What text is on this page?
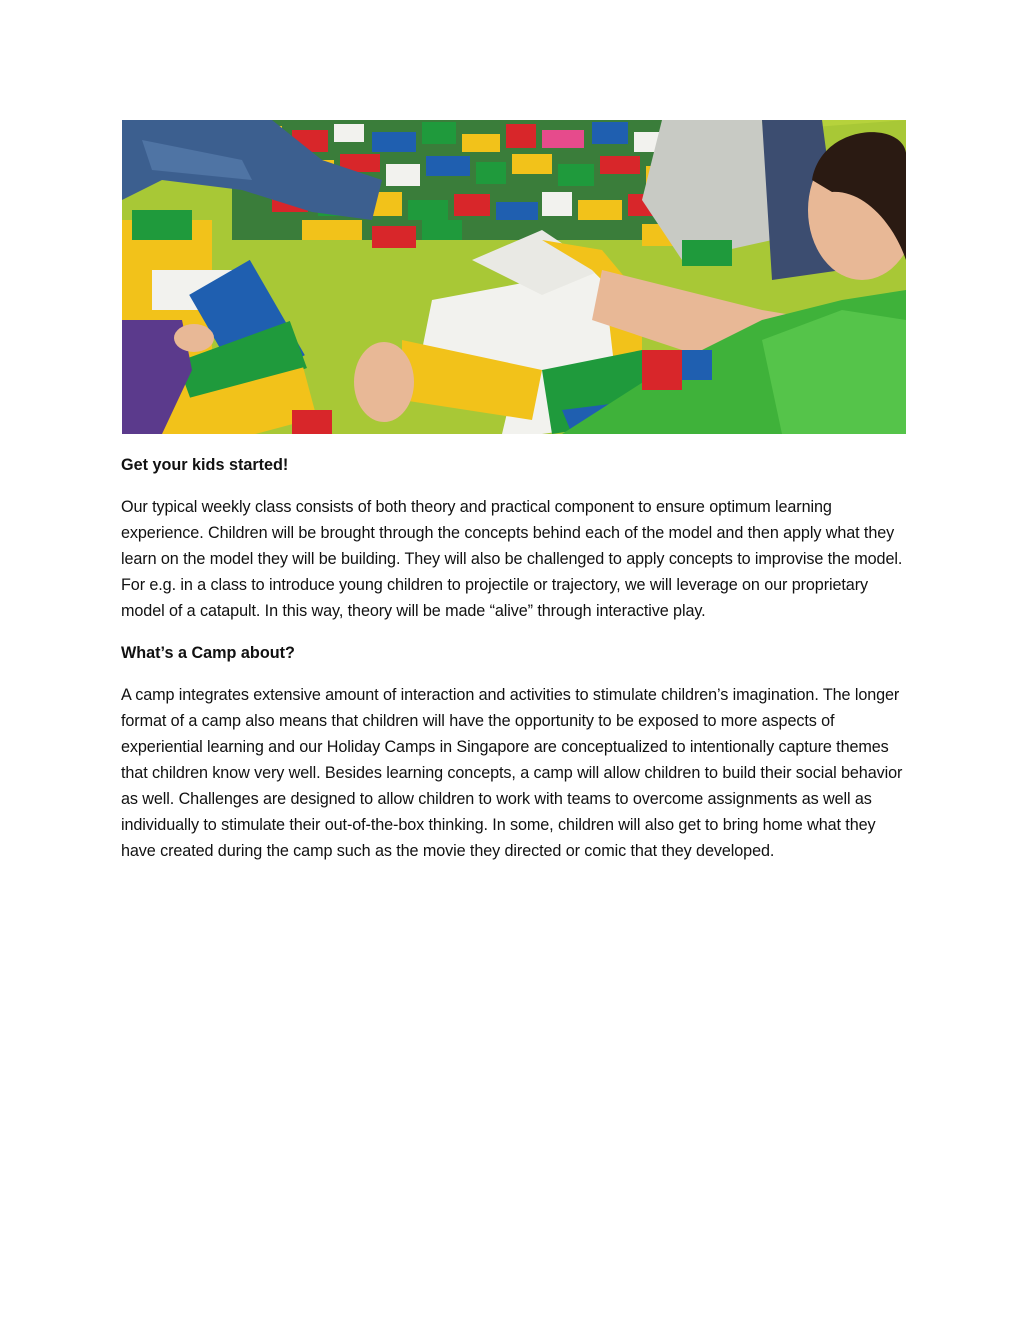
Get your kids started!

Our typical weekly class consists of both theory and practical component to ensure optimum learning experience. Children will be brought through the concepts behind each of the model and then apply what they learn on the model they will be building. They will also be challenged to apply concepts to improvise the model. For e.g. in a class to introduce young children to projectile or trajectory, we will leverage on our proprietary model of a catapult. In this way, theory will be made “alive” through interactive play.

What’s a Camp about?

A camp integrates extensive amount of interaction and activities to stimulate children’s imagination. The longer format of a camp also means that children will have the opportunity to be exposed to more aspects of experiential learning and our Holiday Camps in Singapore are conceptualized to intentionally capture themes that children know very well. Besides learning concepts, a camp will allow children to build their social behavior as well. Challenges are designed to allow children to work with teams to overcome assignments as well as individually to stimulate their out-of-the-box thinking. In some, children will also get to bring home what they have created during the camp such as the movie they directed or comic that they developed.
